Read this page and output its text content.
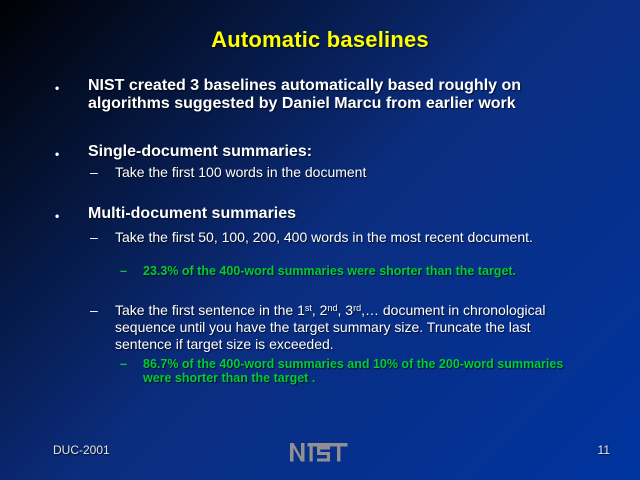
Automatic baselines
•	NIST created 3 baselines automatically based roughly on algorithms suggested by Daniel Marcu from earlier work
•	Single-document summaries:
–	Take the first 100 words in the document
•	Multi-document summaries
–	Take the first 50, 100, 200, 400 words in the most recent document.
–	23.3% of the 400-word summaries were shorter than the target.
–	Take the first sentence in the 1st, 2nd, 3rd,… document in chronological sequence until you have the target summary size. Truncate the last sentence if target size is exceeded.
–	86.7% of the 400-word summaries and 10% of the 200-word summaries were shorter than the target .
DUC-2001	11
